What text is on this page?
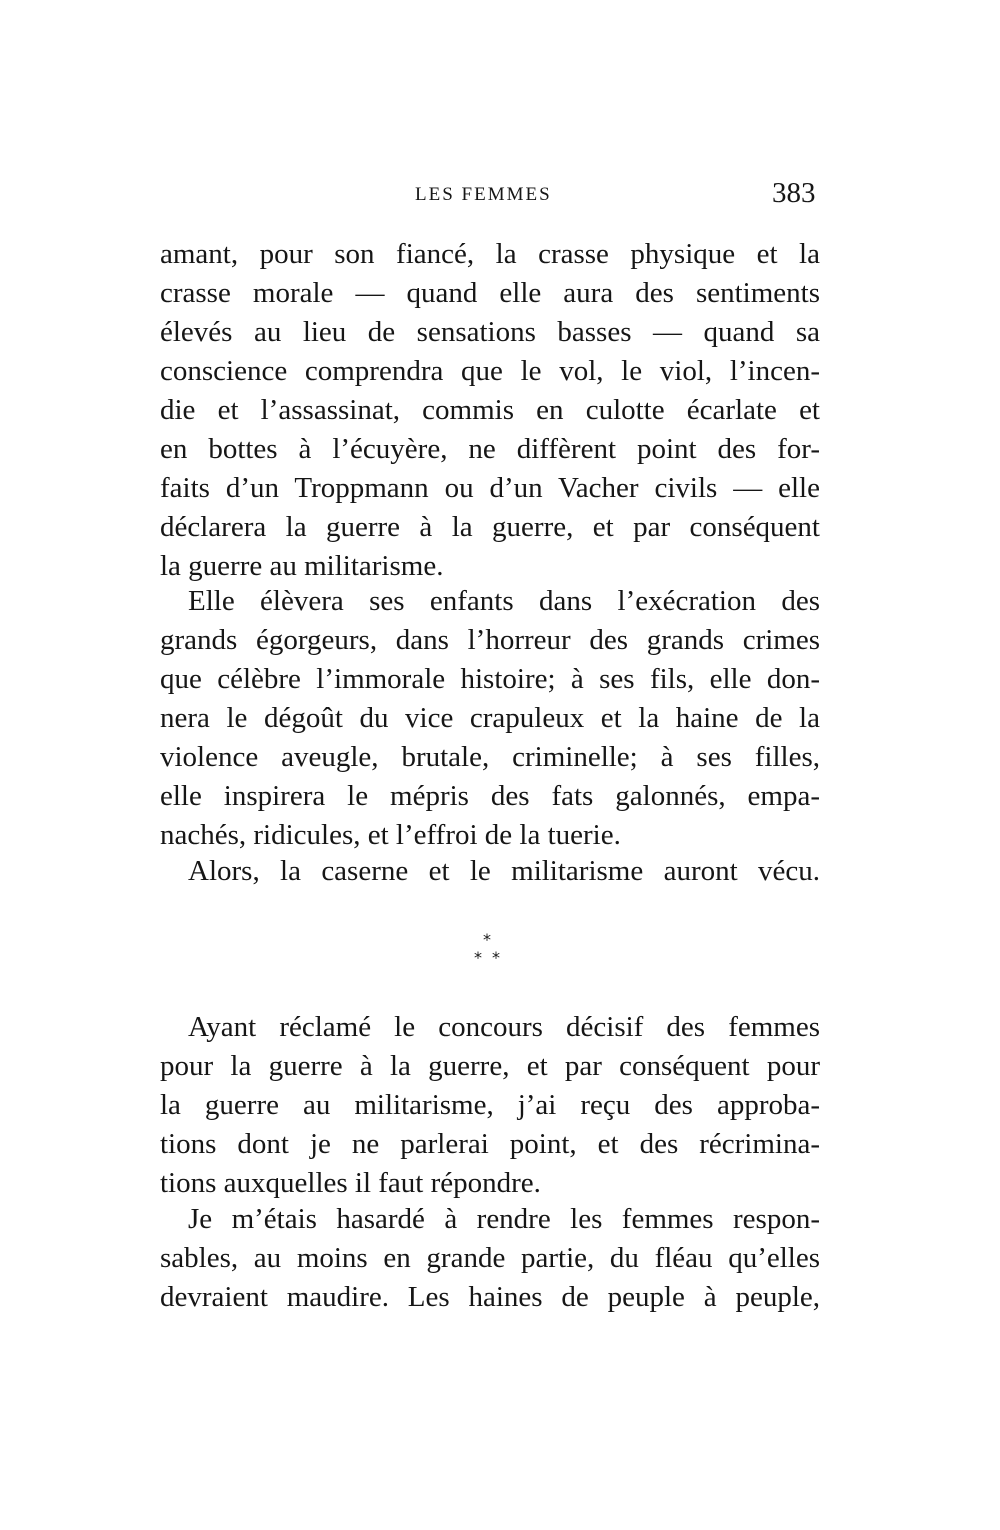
LES FEMMES	383
amant, pour son fiancé, la crasse physique et la
crasse morale — quand elle aura des sentiments
élevés au lieu de sensations basses — quand sa
conscience comprendra que le vol, le viol, l’incen-
die et l’assassinat, commis en culotte écarlate et
en bottes à l’écuyère, ne diffèrent point des for-
faits d’un Troppmann ou d’un Vacher civils — elle
déclarera la guerre à la guerre, et par conséquent
la guerre au militarisme.
Elle élèvera ses enfants dans l’exécration des
grands égorgeurs, dans l’horreur des grands crimes
que célèbre l’immorale histoire; à ses fils, elle don-
nera le dégoût du vice crapuleux et la haine de la
violence aveugle, brutale, criminelle; à ses filles,
elle inspirera le mépris des fats galonnés, empa-
nachés, ridicules, et l’effroi de la tuerie.
Alors, la caserne et le militarisme auront vécu.
*
* *
Ayant réclamé le concours décisif des femmes
pour la guerre à la guerre, et par conséquent pour
la guerre au militarisme, j’ai reçu des approba-
tions dont je ne parlerai point, et des récrimina-
tions auxquelles il faut répondre.
Je m’étais hasardé à rendre les femmes respon-
sables, au moins en grande partie, du fléau qu’elles
devraient maudire. Les haines de peuple à peuple,
